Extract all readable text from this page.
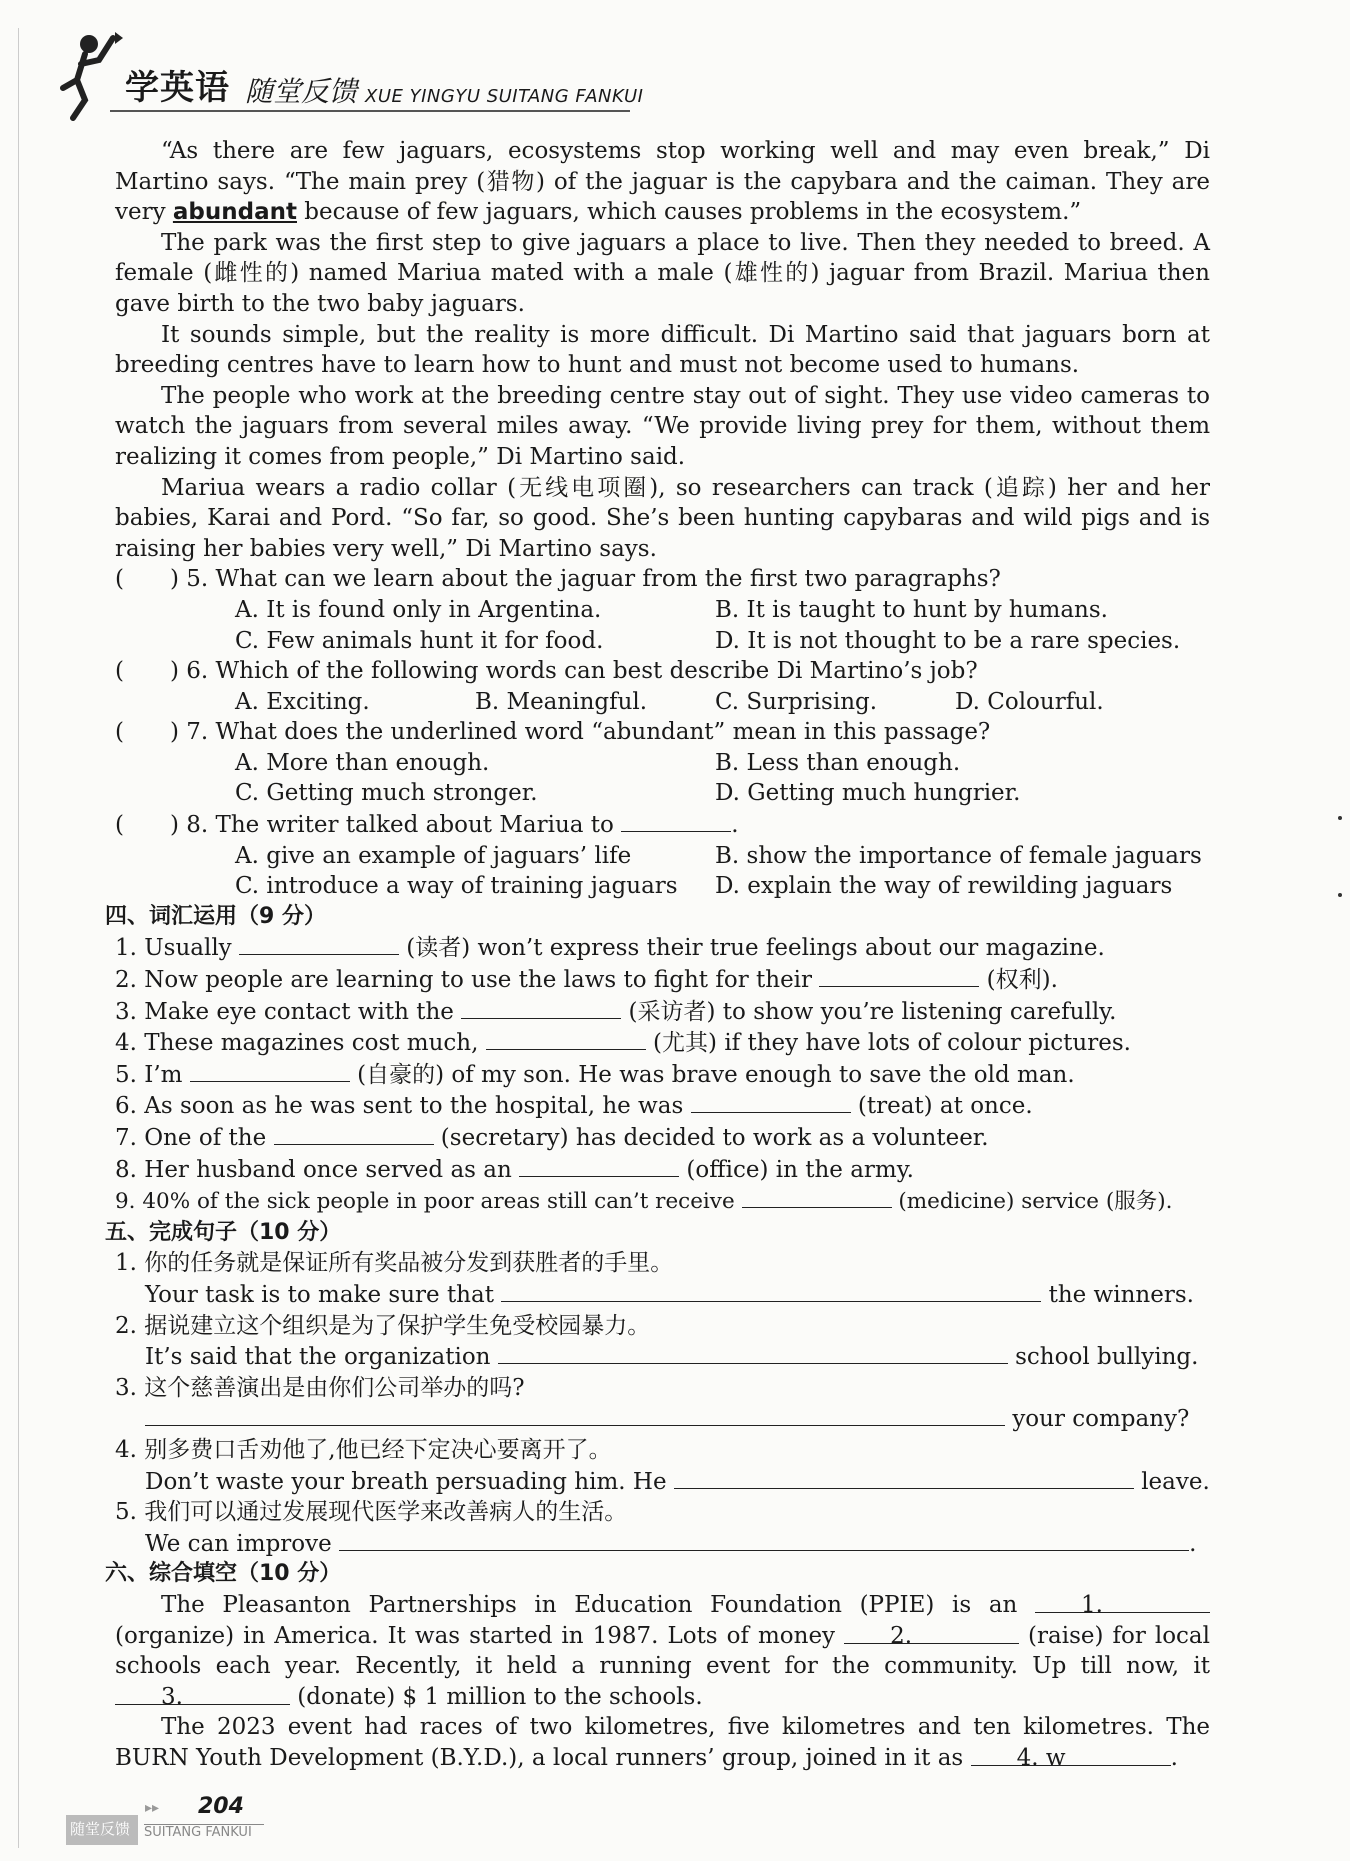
学英语 随堂反馈 XUE YINGYU SUITANG FANKUI

“As there are few jaguars, ecosystems stop working well and may even break,” Di Martino says. “The main prey (猎物) of the jaguar is the capybara and the caiman. They are very abundant because of few jaguars, which causes problems in the ecosystem.”

The park was the first step to give jaguars a place to live. Then they needed to breed. A female (雌性的) named Mariua mated with a male (雄性的) jaguar from Brazil. Mariua then gave birth to the two baby jaguars.

It sounds simple, but the reality is more difficult. Di Martino said that jaguars born at breeding centres have to learn how to hunt and must not become used to humans.

The people who work at the breeding centre stay out of sight. They use video cameras to watch the jaguars from several miles away. “We provide living prey for them, without them realizing it comes from people,” Di Martino said.

Mariua wears a radio collar (无线电项圈), so researchers can track (追踪) her and her babies, Karai and Pord. “So far, so good. She’s been hunting capybaras and wild pigs and is raising her babies very well,” Di Martino says.

(　　) 5. What can we learn about the jaguar from the first two paragraphs?

A. It is found only in Argentina.	B. It is taught to hunt by humans.
C. Few animals hunt it for food.	D. It is not thought to be a rare species.

(　　) 6. Which of the following words can best describe Di Martino’s job?

A. Exciting.	B. Meaningful.	C. Surprising.	D. Colourful.

(　　) 7. What does the underlined word “abundant” mean in this passage?

A. More than enough.	B. Less than enough.
C. Getting much stronger.	D. Getting much hungrier.

(　　) 8. The writer talked about Mariua to	.

A. give an example of jaguars’ life	B. show the importance of female jaguars
C. introduce a way of training jaguars	D. explain the way of rewilding jaguars

四、词汇运用（9 分）

1. Usually	(读者) won’t express their true feelings about our magazine.

2. Now people are learning to use the laws to fight for their	(权利).

3. Make eye contact with the	(采访者) to show you’re listening carefully.

4. These magazines cost much,	(尤其) if they have lots of colour pictures.

5. I’m	(自豪的) of my son. He was brave enough to save the old man.

6. As soon as he was sent to the hospital, he was	(treat) at once.

7. One of the	(secretary) has decided to work as a volunteer.

8. Her husband once served as an	(office) in the army.

9. 40% of the sick people in poor areas still can’t receive	(medicine) service (服务).

五、完成句子（10 分）

1. 你的任务就是保证所有奖品被分发到获胜者的手里。

Your task is to make sure that	the winners.

2. 据说建立这个组织是为了保护学生免受校园暴力。

It’s said that the organization	school bullying.

3. 这个慈善演出是由你们公司举办的吗?

your company?

4. 别多费口舌劝他了,他已经下定决心要离开了。

Don’t waste your breath persuading him. He	leave.

5. 我们可以通过发展现代医学来改善病人的生活。

We can improve	.

六、综合填空（10 分）

The Pleasanton Partnerships in Education Foundation (PPIE) is an 1. (organize) in America. It was started in 1987. Lots of money 2.	(raise) for local schools each year. Recently, it held a running event for the community. Up till now, it 3.	(donate) $ 1 million to the schools.

The 2023 event had races of two kilometres, five kilometres and ten kilometres. The BURN Youth Development (B.Y.D.), a local runners’ group, joined in it as 4. w	.

▸▸ 204
随堂反馈 SUITANG FANKUI
